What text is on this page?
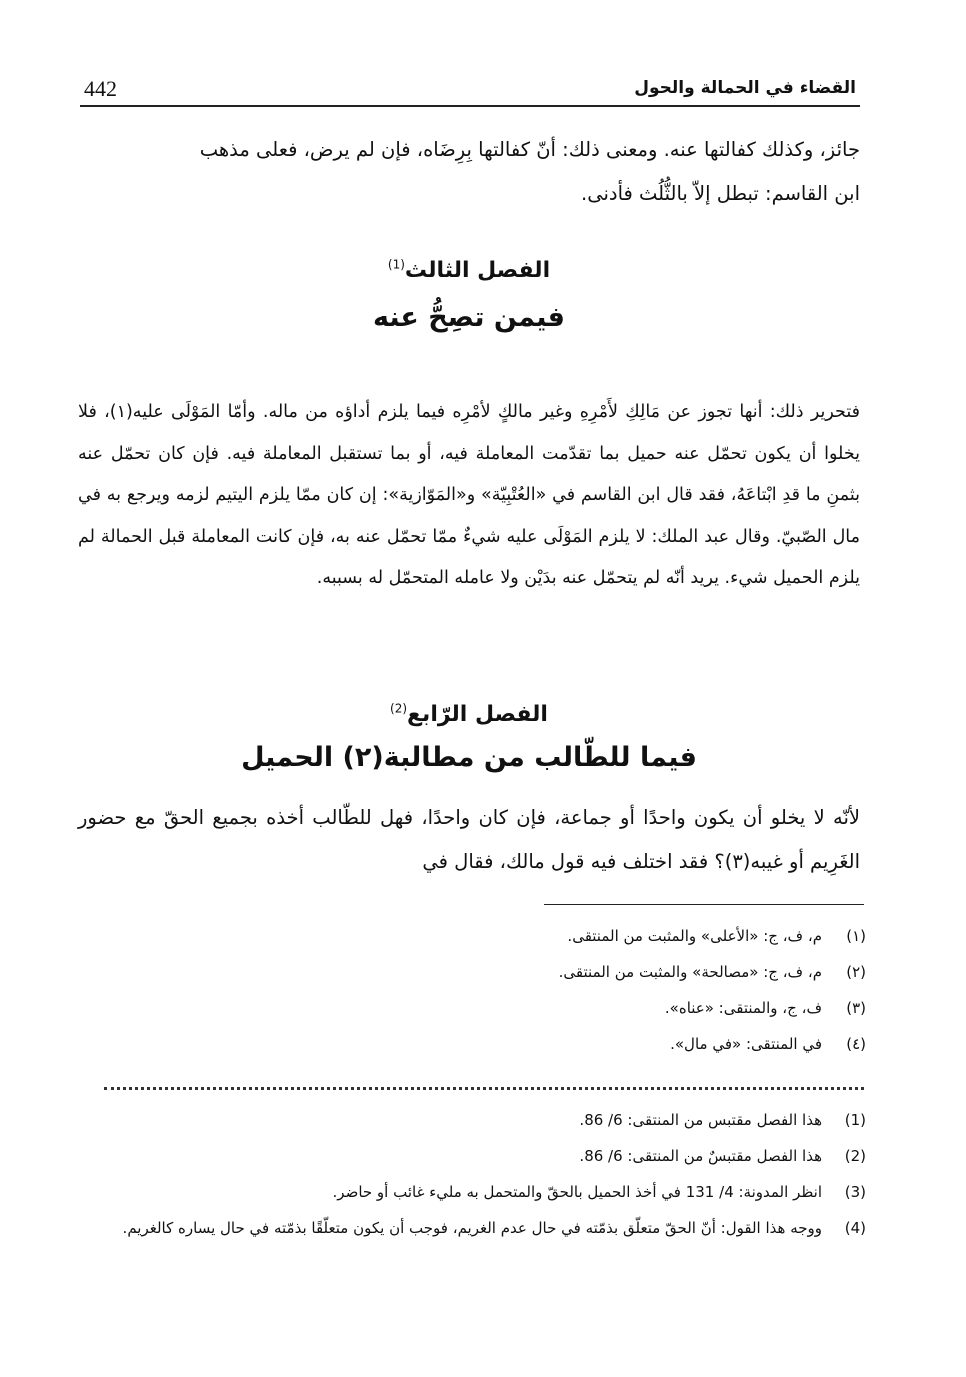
442	القضاء في الحمالة والحول
جائز، وكذلك كفالتها عنه. ومعنى ذلك: أنّ كفالتها بِرِضَاه، فإن لم يرض، فعلى مذهب
ابن القاسم: تبطل إلاّ بالثُّلُث فأدنى.
الفصل الثالث$^{(1)}$
فيمن تصِحُّ عنه
فتحرير ذلك: أنها تجوز عن مَالِكِ لأَمْرِهِ وغير مالكٍ لأمْرِه فيما يلزم أداؤه من ماله. وأمّا المَوْلَى عليه(١)، فلا يخلوا أن يكون تحمّل عنه حميل بما تقدّمت المعاملة فيه، أو بما تستقبل المعاملة فيه. فإن كان تحمّل عنه بثمنِ ما قدِ ابْتاعَهُ، فقد قال ابن القاسم في «العُتْبِيّة» و«المَوّازية»: إن كان ممّا يلزم اليتيم لزمه ويرجع به في مال الصّبيّ. وقال عبد الملك: لا يلزم المَوْلَى عليه شيءٌ ممّا تحمّل عنه به، فإن كانت المعاملة قبل الحمالة لم يلزم الحميل شيء. يريد أنّه لم يتحمّل عنه بدَيْن ولا عامله المتحمّل له بسببه.
الفصل الرّابع$^{(2)}$
فيما للطّالب من مطالبة(٢) الحميل
لأنّه لا يخلو أن يكون واحدًا أو جماعة، فإن كان واحدًا، فهل للطّالب أخذه بجميع الحقّ مع حضور الغَرِيم أو غيبه(٣)؟ فقد اختلف فيه قول مالك، فقال في
(١)
م، ف، ج: «الأعلى» والمثبت من المنتقى.
(٢)
م، ف، ج: «مصالحة» والمثبت من المنتقى.
(٣)
ف، ج، والمنتقى: «عناه».
(٤)
في المنتقى: «في مال».
(1)
هذا الفصل مقتبس من المنتقى: 6/ 86.
(2)
هذا الفصل مقتبسٌ من المنتقى: 6/ 86.
(3)
انظر المدونة: 4/ 131 في أخذ الحميل بالحقّ والمتحمل به مليء غائب أو حاضر.
(4)
ووجه هذا القول: أنّ الحقّ متعلّق بذمّته في حال عدم الغريم، فوجب أن يكون متعلّقًا بذمّته في حال يساره كالغريم.
